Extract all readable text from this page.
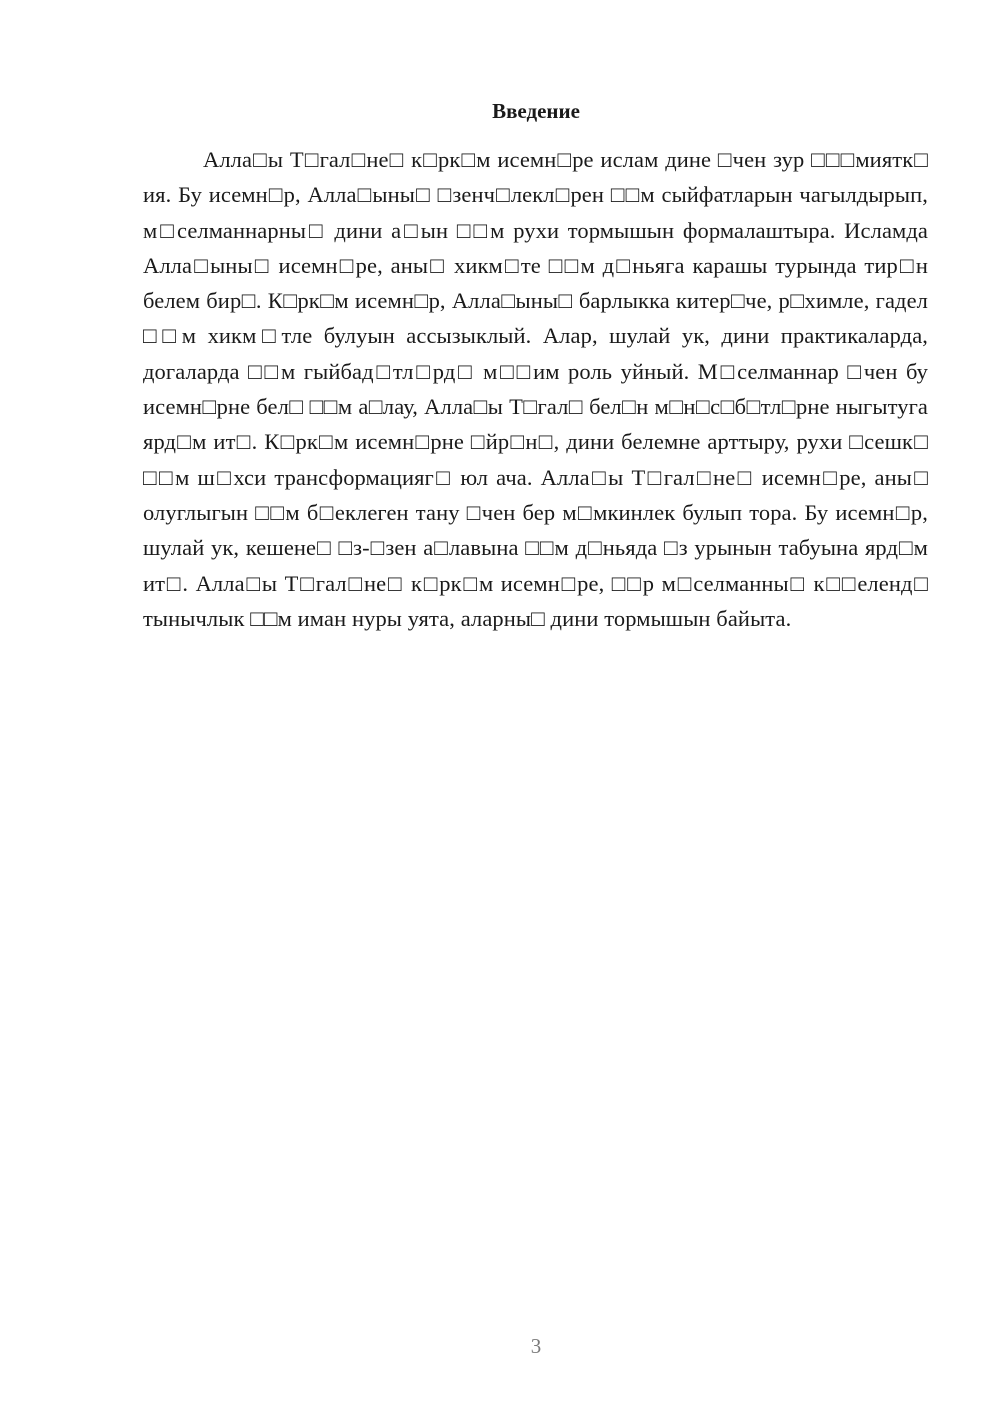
Введение

Алла□ы Т□гал□не□ к□рк□м исемн□ре ислам дине □чен зур □□□миятк□ ия. Бу исемн□р, Алла□ыны□ □зенч□лекл□рен □□м сыйфатларын чагылдырып, м□селманнарны□ дини а□ын □□м рухи тормышын формалаштыра. Исламда Алла□ыны□ исемн□ре, аны□ хикм□те □□м д□ньяга карашы турында тир□н белем бир□. К□рк□м исемн□р, Алла□ыны□ барлыкка китер□че, р□химле, гадел □□м хикм□тле булуын ассызыклый. Алар, шулай ук, дини практикаларда, догаларда □□м гыйбад□тл□рд□ м□□им роль уйный. М□селманнар □чен бу исемн□рне бел□ □□м а□лау, Алла□ы Т□гал□ бел□н м□н□с□б□тл□рне ныгытуга ярд□м ит□. К□рк□м исемн□рне □йр□н□, дини белемне арттыру, рухи □сешк□ □□м ш□хси трансформацияг□ юл ача. Алла□ы Т□гал□не□ исемн□ре, аны□ олуглыгын □□м б□еклеген тану □чен бер м□мкинлек булып тора. Бу исемн□р, шулай ук, кешене□ □з-□зен а□лавына □□м д□ньяда □з урынын табуына ярд□м ит□. Алла□ы Т□гал□не□ к□рк□м исемн□ре, □□р м□селманны□ к□□еленд□ тынычлык □□м иман нуры уята, аларны□ дини тормышын байыта.

3
